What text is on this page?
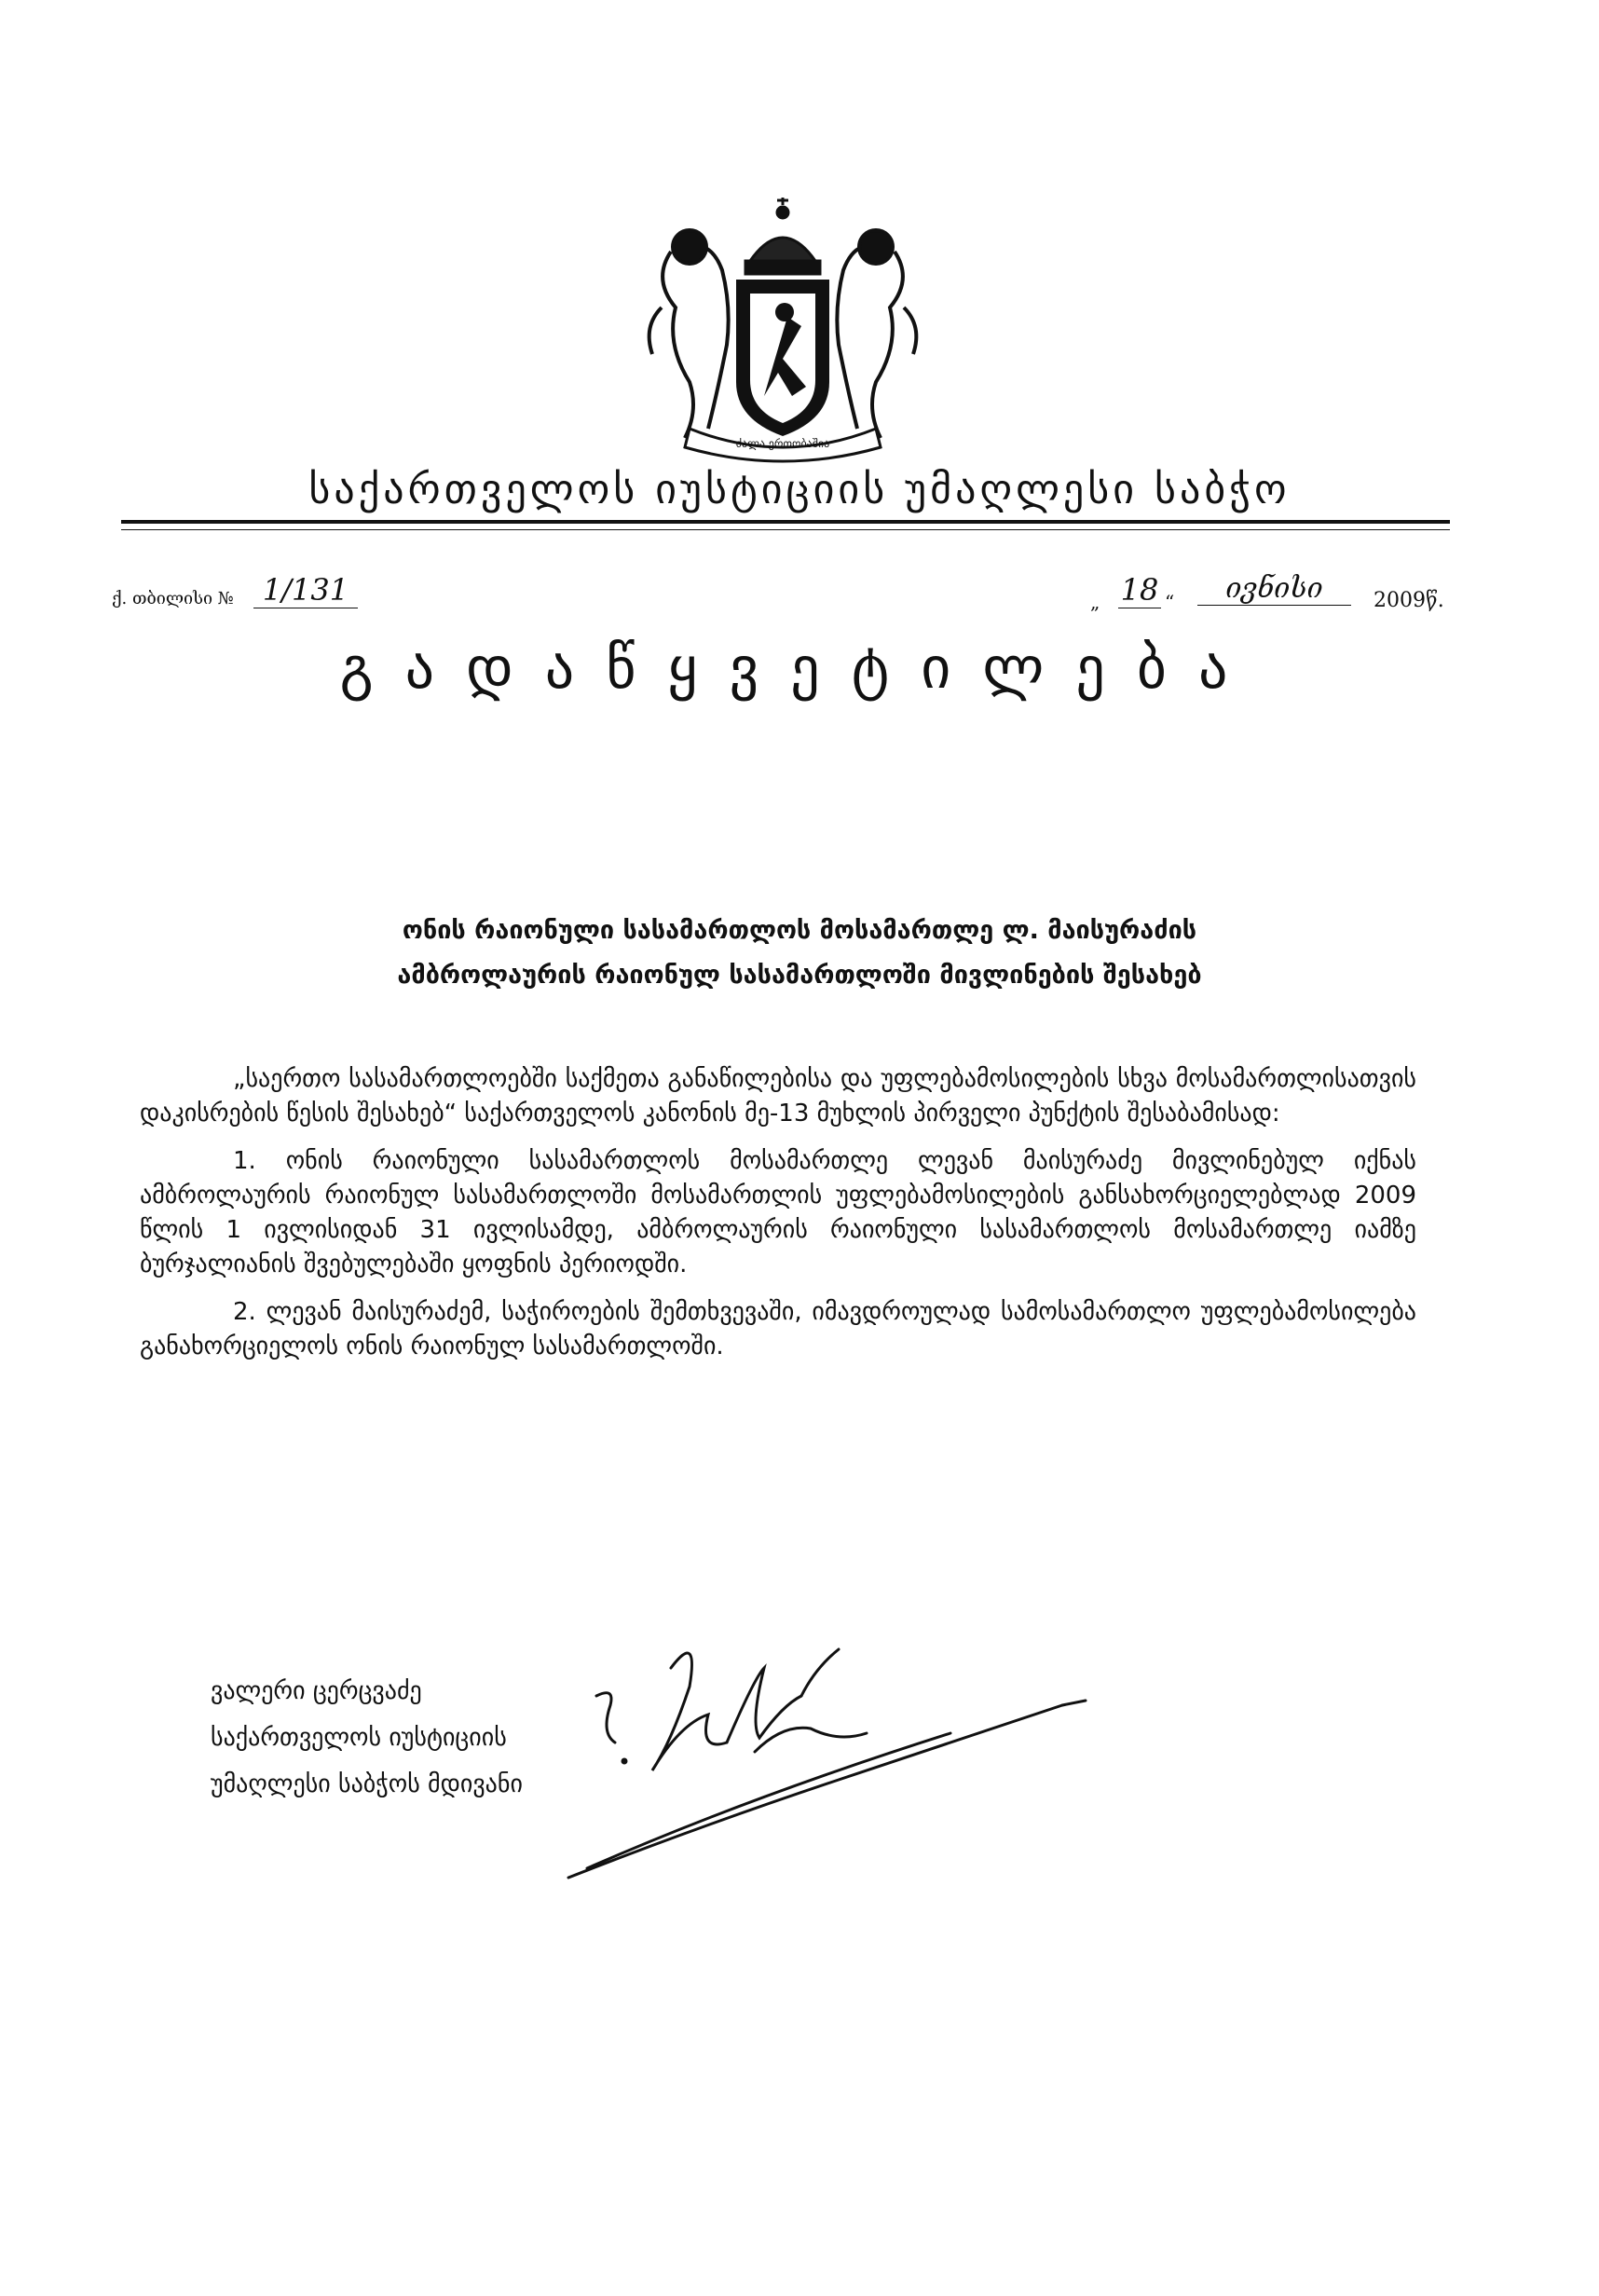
ძალა ერთობაშია
საქართველოს იუსტიციის უმაღლესი საბჭო
ქ. თბილისი № 1/131	„ 18 “	ივნისი	2009წ.
გადაწყვეტილება
ონის რაიონული სასამართლოს მოსამართლე ლ. მაისურაძის
ამბროლაურის რაიონულ სასამართლოში მივლინების შესახებ

„საერთო სასამართლოებში საქმეთა განაწილებისა და უფლებამოსილების სხვა მოსამართლისათვის დაკისრების წესის შესახებ“ საქართველოს კანონის მე-13 მუხლის პირველი პუნქტის შესაბამისად:

1. ონის რაიონული სასამართლოს მოსამართლე ლევან მაისურაძე მივლინებულ იქნას ამბროლაურის რაიონულ სასამართლოში მოსამართლის უფლებამოსილების განსახორციელებლად 2009 წლის 1 ივლისიდან 31 ივლისამდე, ამბროლაურის რაიონული სასამართლოს მოსამართლე იამზე ბურჯალიანის შვებულებაში ყოფნის პერიოდში.

2. ლევან მაისურაძემ, საჭიროების შემთხვევაში, იმავდროულად სამოსამართლო უფლებამოსილება განახორციელოს ონის რაიონულ სასამართლოში.

ვალერი ცერცვაძე
საქართველოს იუსტიციის
უმაღლესი საბჭოს მდივანი
